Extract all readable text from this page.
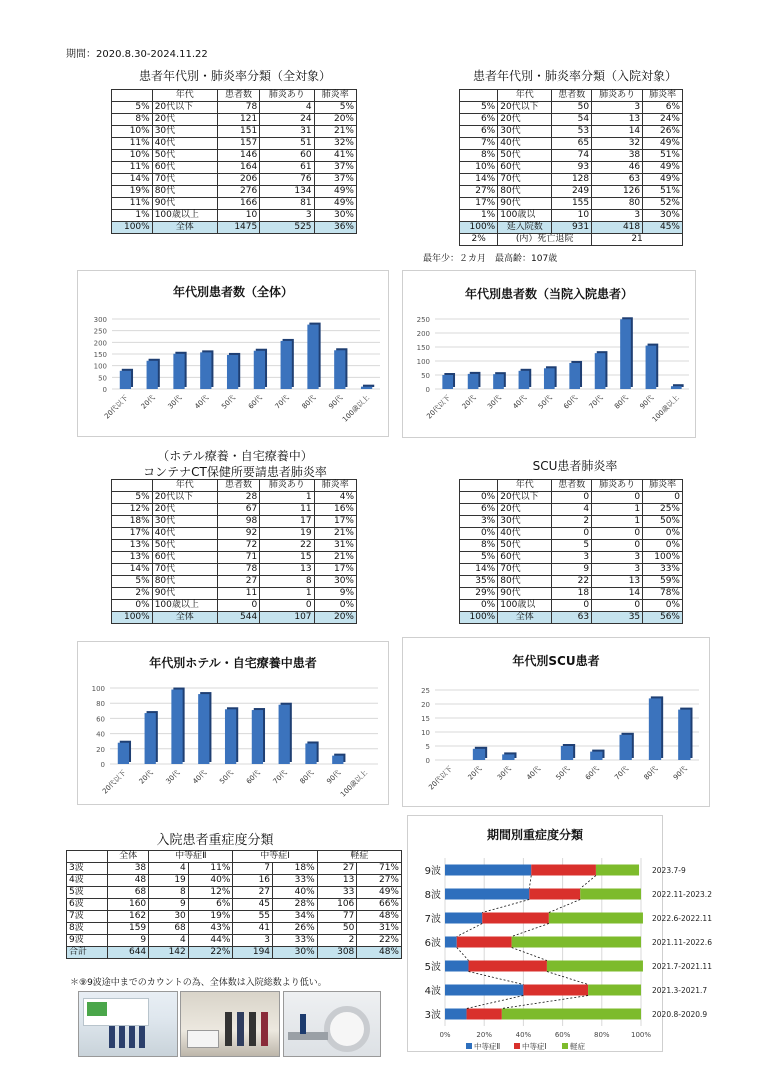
期間：2020.8.30-2024.11.22
患者年代別・肺炎率分類（全対象）
	年代	患者数	肺炎あり	肺炎率
5%	20代以下	78	4	5%
8%	20代	121	24	20%
10%	30代	151	31	21%
11%	40代	157	51	32%
10%	50代	146	60	41%
11%	60代	164	61	37%
14%	70代	206	76	37%
19%	80代	276	134	49%
11%	90代	166	81	49%
1%	100歳以上	10	3	30%
100%	全体	1475	525	36%
患者年代別・肺炎率分類（入院対象）
	年代	患者数	肺炎あり	肺炎率
5%	20代以下	50	3	6%
6%	20代	54	13	24%
6%	30代	53	14	26%
7%	40代	65	32	49%
8%	50代	74	38	51%
10%	60代	93	46	49%
14%	70代	128	63	49%
27%	80代	249	126	51%
17%	90代	155	80	52%
1%	100歳以	10	3	30%
100%	延入院数	931	418	45%
2%	(内）死亡退院		21	
最年少：２カ月　最高齢：107歳
年代別患者数（全体）
0
50
100
150
200
250
300
20代以下 20代 30代 40代 50代 60代 70代 80代 90代
100歳以上
年代別患者数（当院入院患者）
0
50
100
150
200
250
20代以下 20代 30代 40代 50代 60代 70代 80代 90代
100歳以上
（ホテル療養・自宅療養中）
コンテナCT保健所要請患者肺炎率
	年代	患者数	肺炎あり	肺炎率
5%	20代以下	28	1	4%
12%	20代	67	11	16%
18%	30代	98	17	17%
17%	40代	92	19	21%
13%	50代	72	22	31%
13%	60代	71	15	21%
14%	70代	78	13	17%
5%	80代	27	8	30%
2%	90代	11	1	9%
0%	100歳以上	0	0	0%
100%	全体	544	107	20%
SCU患者肺炎率
	年代	患者数	肺炎あり	肺炎率
0%	20代以下	0	0	0
6%	20代	4	1	25%
3%	30代	2	1	50%
0%	40代	0	0	0%
8%	50代	5	0	0%
5%	60代	3	3	100%
14%	70代	9	3	33%
35%	80代	22	13	59%
29%	90代	18	14	78%
0%	100歳以	0	0	0%
100%	全体	63	35	56%
年代別ホテル・自宅療養中患者
0
20
40
60
80
100
20代以下 20代 30代 40代 50代 60代 70代 80代 90代
100歳以上
年代別SCU患者
0
5
10
15
20
25
20代以下 20代 30代 40代 50代 60代 70代 80代 90代
入院患者重症度分類
	全体	中等症Ⅱ		中等症Ⅰ		軽症	
3波	38	4	11%	7	18%	27	71%
4波	48	19	40%	16	33%	13	27%
5波	68	8	12%	27	40%	33	49%
6波	160	9	6%	45	28%	106	66%
7波	162	30	19%	55	34%	77	48%
8波	159	68	43%	41	26%	50	31%
9波	9	4	44%	3	33%	2	22%
合計	644	142	22%	194	30%	308	48%
＊⑨9波途中までのカウントの為、全体数は入院総数より低い。
期間別重症度分類
0%	20%	40%	60%	80%	100%
9波	2023.7-9
8波	2022.11-2023.2
7波	2022.6-2022.11
6波	2021.11-2022.6
5波	2021.7-2021.11
4波	2021.3-2021.7
3波	2020.8-2020.9
中等症Ⅱ	中等症Ⅰ	軽症
